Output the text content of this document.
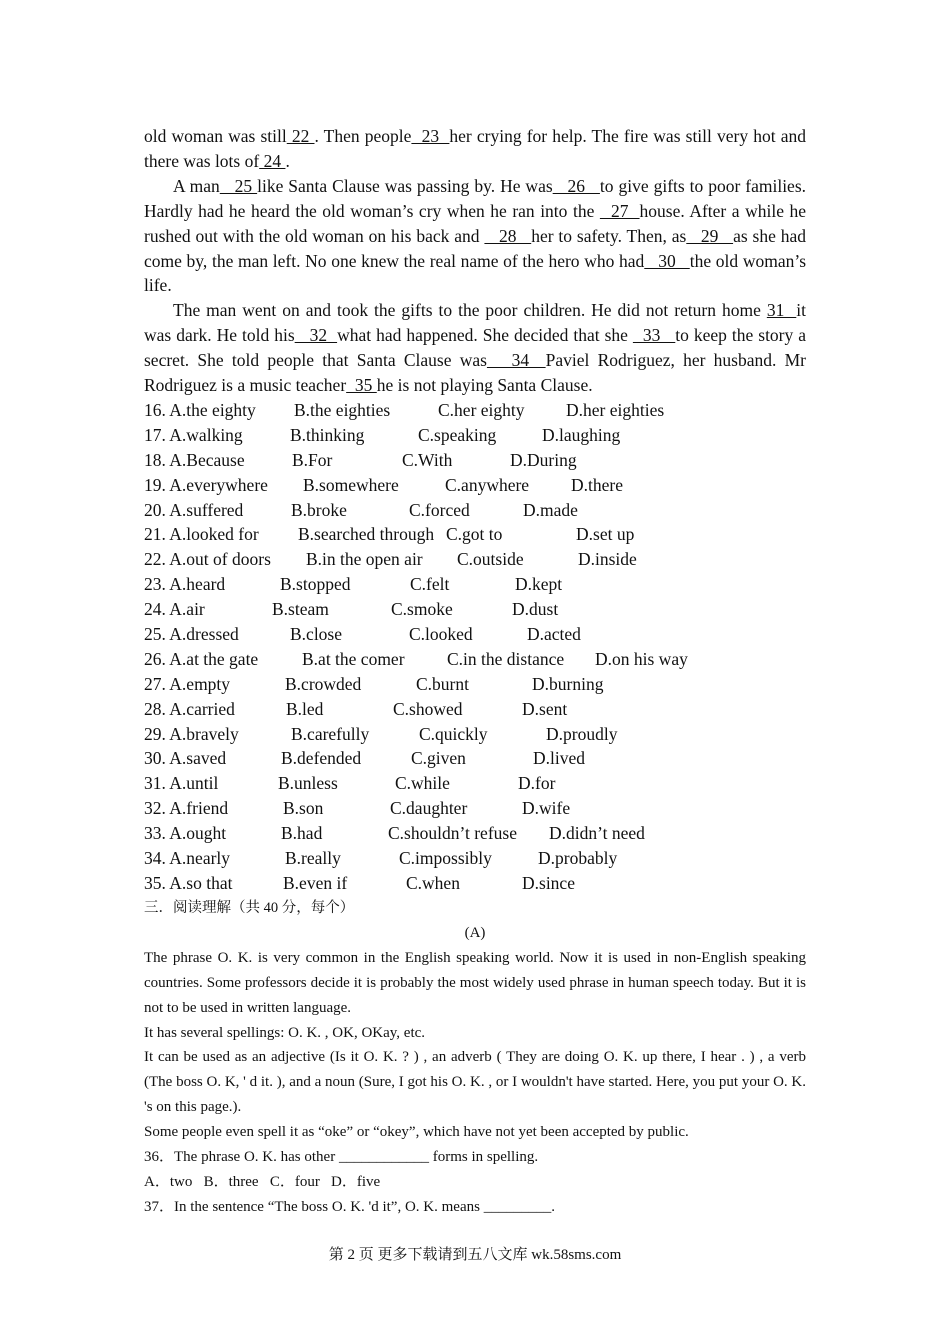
old woman was still 22 . Then people  23  her crying for help. The fire was still very hot and there was lots of 24 .

A man   25 like Santa Clause was passing by. He was   26   to give gifts to poor families. Hardly had he heard the old woman’s cry when he ran into the   27  house. After a while he rushed out with the old woman on his back and    28   her to safety. Then, as   29   as she had come by, the man left. No one knew the real name of the hero who had   30   the old woman’s life.

The man went on and took the gifts to the poor children. He did not return home 31  it was dark. He told his   32  what had happened. She decided that she   33   to keep the story a secret. She told people that Santa Clause was   34  Paviel Rodriguez, her husband. Mr Rodriguez is a music teacher  35 he is not playing Santa Clause.

16. A.the eighty B.the eighties	C.her eighty D.her eighties
17. A.walking	B.thinking	C.speaking	D.laughing
18. A.Because	B.For	C.With	D.During
19. A.everywhere B.somewhere	C.anywhere D.there
20. A.suffered	B.broke	C.forced	D.made
21. A.looked for B.searched through C.got to	D.set up
22. A.out of doors B.in the open air C.outside	D.inside
23. A.heard	B.stopped	C.felt	D.kept
24. A.air	B.steam	C.smoke	D.dust
25. A.dressed	B.close	C.looked	D.acted
26. A.at the gate	B.at the comer C.in the distance D.on his way
27. A.empty	B.crowded	C.burnt	D.burning
28. A.carried	B.led	C.showed	D.sent
29. A.bravely	B.carefully	C.quickly	D.proudly
30. A.saved	B.defended	C.given	D.lived
31. A.until	B.unless	C.while	D.for
32. A.friend	B.son	C.daughter	D.wife
33. A.ought	B.had	C.shouldn’t refuse D.didn’t need
34. A.nearly	B.really	C.impossibly	D.probably
35. A.so that	B.even if	C.when	D.since
三．阅读理解（共 40 分，每个）
(A)

The phrase O. K. is very common in the English speaking world. Now it is used in non-English speaking countries. Some professors decide it is probably the most widely used phrase in human speech today. But it is not to be used in written language.

It has several spellings: O. K. , OK, OKay, etc.

It can be used as an adjective (Is it O. K. ? ) , an adverb ( They are doing O. K. up there, I hear . ) , a verb (The boss O. K, ' d it. ), and a noun (Sure, I got his O. K. , or I wouldn't have started. Here, you put your O. K. 's on this page.).

Some people even spell it as “oke” or “okey”, which have not yet been accepted by public.

36．The phrase O. K. has other ____________ forms in spelling.

A．two   B．three   C．four   D．five

37．In the sentence “The boss O. K. 'd it”, O. K. means _________.

第 2 页 更多下载请到五八文库 wk.58sms.com
